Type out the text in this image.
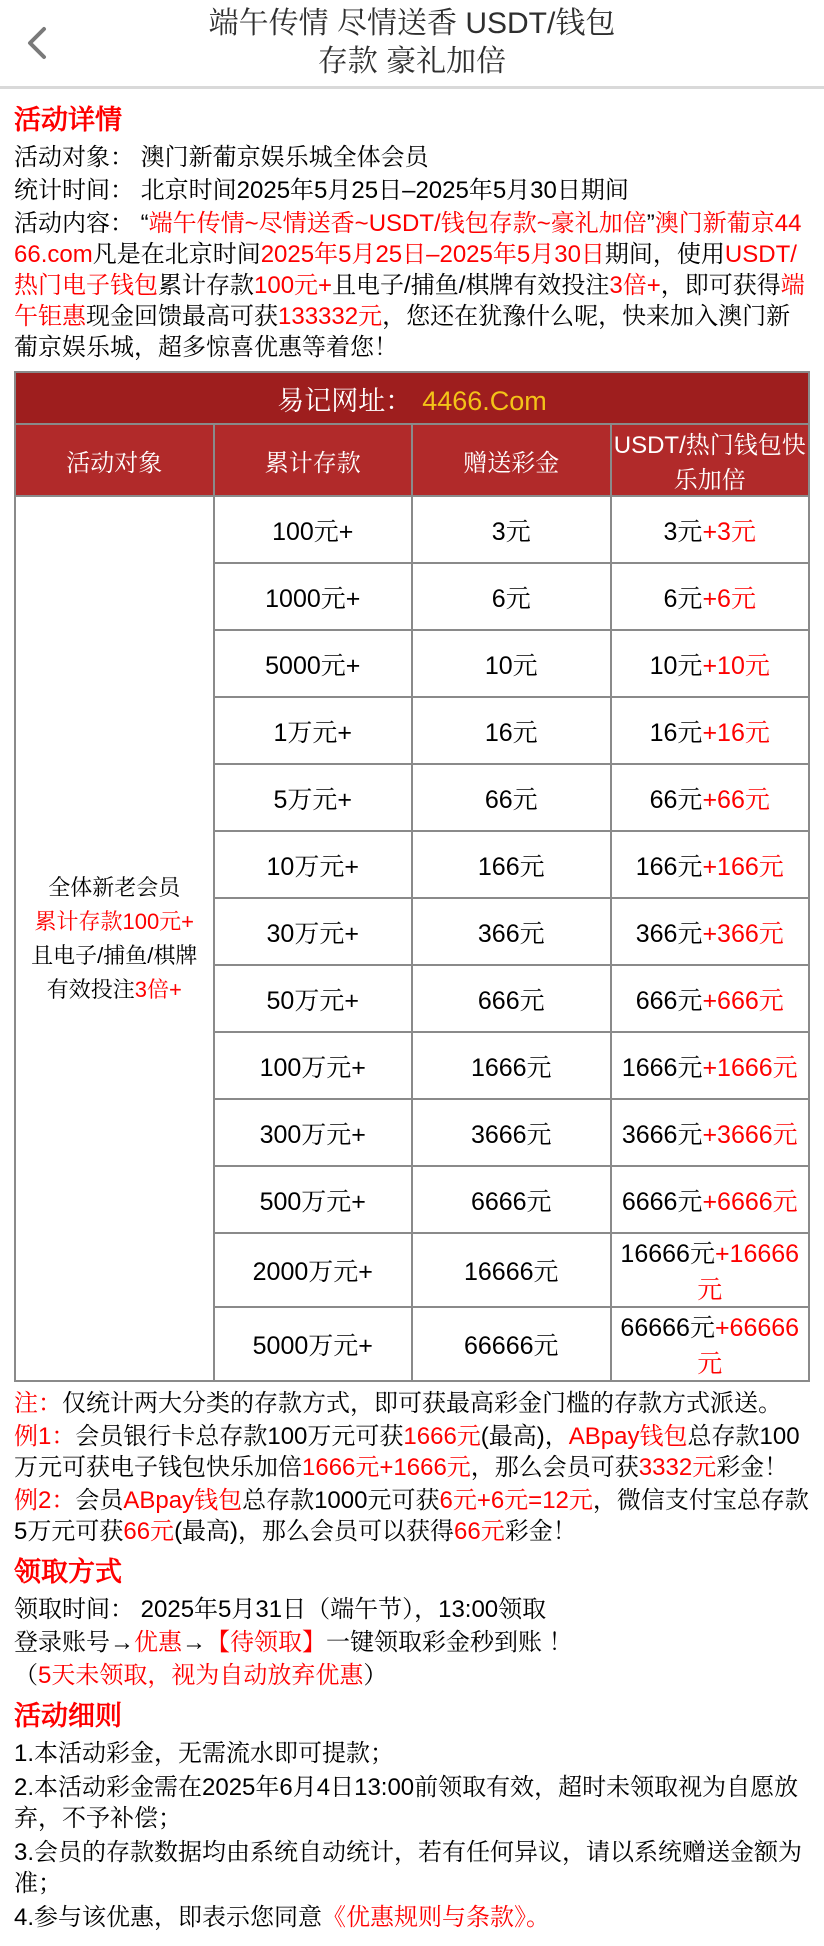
端午传情 尽情送香 USDT/钱包
存款 豪礼加倍
活动详情

活动对象： 澳门新葡京娱乐城全体会员

统计时间： 北京时间2025年5月25日–2025年5月30日期间

活动内容： “端午传情~尽情送香~USDT/钱包存款~豪礼加倍”澳门新葡京4466.com凡是在北京时间2025年5月25日–2025年5月30日期间，使用USDT/热门电子钱包累计存款100元+且电子/捕鱼/棋牌有效投注3倍+，即可获得端午钜惠现金回馈最高可获133332元，您还在犹豫什么呢，快来加入澳门新葡京娱乐城，超多惊喜优惠等着您！

易记网址： 4466.Com			
活动对象	累计存款	赠送彩金	USDT/热门钱包快乐加倍

全体新老会员
累计存款100元+
且电子/捕鱼/棋牌
有效投注3倍+	100元+	3元	3元+3元
	1000元+	6元	6元+6元
	5000元+	10元	10元+10元
	1万元+	16元	16元+16元
	5万元+	66元	66元+66元
	10万元+	166元	166元+166元
	30万元+	366元	366元+366元
	50万元+	666元	666元+666元
	100万元+	1666元	1666元+1666元
	300万元+	3666元	3666元+3666元
	500万元+	6666元	6666元+6666元
	2000万元+	16666元	16666元+16666元
	5000万元+	66666元	66666元+66666元

注：仅统计两大分类的存款方式，即可获最高彩金门槛的存款方式派送。

例1：会员银行卡总存款100万元可获1666元(最高)，ABpay钱包总存款100万元可获电子钱包快乐加倍1666元+1666元，那么会员可获3332元彩金！

例2：会员ABpay钱包总存款1000元可获6元+6元=12元，微信支付宝总存款5万元可获66元(最高)，那么会员可以获得66元彩金！

领取方式

领取时间： 2025年5月31日（端午节），13:00领取

登录账号→优惠→【待领取】一键领取彩金秒到账 ！

（5天未领取，视为自动放弃优惠）

活动细则

1.本活动彩金，无需流水即可提款；

2.本活动彩金需在2025年6月4日13:00前领取有效，超时未领取视为自愿放弃，不予补偿；

3.会员的存款数据均由系统自动统计，若有任何异议，请以系统赠送金额为准；

4.参与该优惠，即表示您同意《优惠规则与条款》。
